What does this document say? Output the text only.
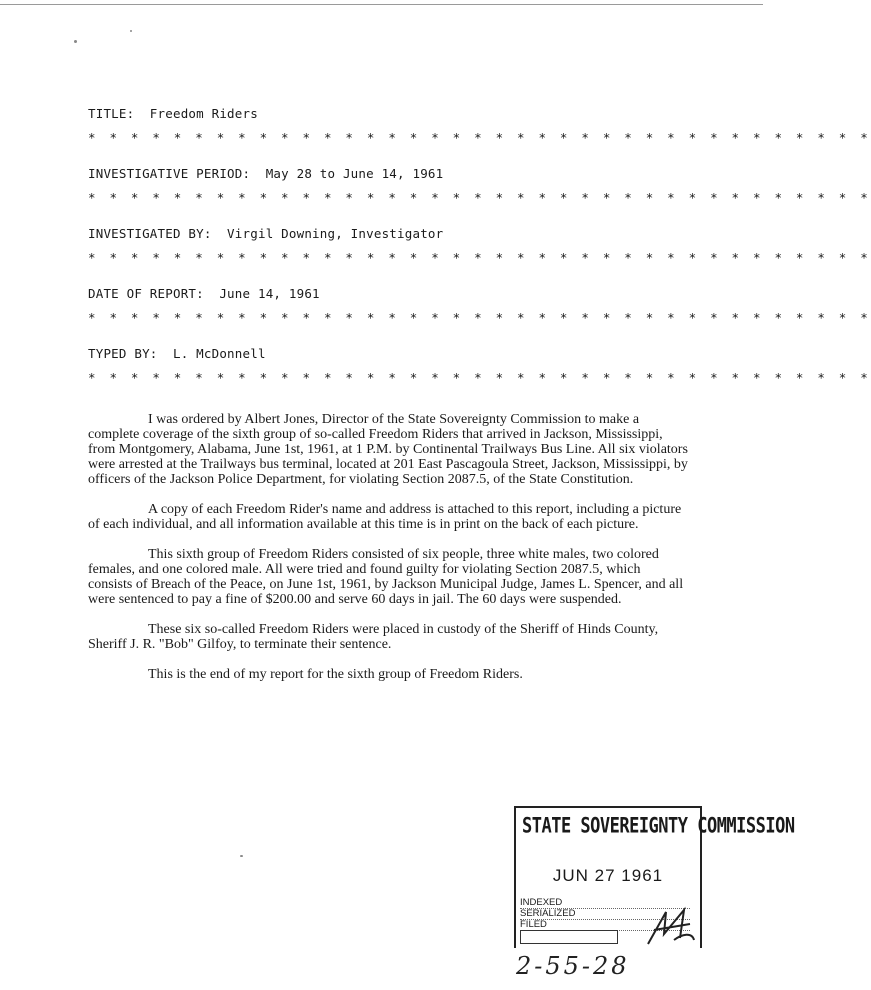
TITLE:  Freedom Riders
* * * * * * * * * * * * * * * * * * * * * * * * * * * * * * * * * * * * *
INVESTIGATIVE PERIOD:  May 28 to June 14, 1961
* * * * * * * * * * * * * * * * * * * * * * * * * * * * * * * * * * * * *
INVESTIGATED BY:  Virgil Downing, Investigator
* * * * * * * * * * * * * * * * * * * * * * * * * * * * * * * * * * * * *
DATE OF REPORT:  June 14, 1961
* * * * * * * * * * * * * * * * * * * * * * * * * * * * * * * * * * * * *
TYPED BY:  L. McDonnell
* * * * * * * * * * * * * * * * * * * * * * * * * * * * * * * * * * * * *

I was ordered by Albert Jones, Director of the State Sovereignty Commission to make a complete coverage of the sixth group of so-called Freedom Riders that arrived in Jackson, Mississippi, from Montgomery, Alabama, June 1st, 1961, at 1 P.M. by Continental Trailways Bus Line. All six violators were arrested at the Trailways bus terminal, located at 201 East Pascagoula Street, Jackson, Mississippi, by officers of the Jackson Police Department, for violating Section 2087.5, of the State Constitution.

A copy of each Freedom Rider's name and address is attached to this report, including a picture of each individual, and all information available at this time is in print on the back of each picture.

This sixth group of Freedom Riders consisted of six people, three white males, two colored females, and one colored male. All were tried and found guilty for violating Section 2087.5, which consists of Breach of the Peace, on June 1st, 1961, by Jackson Municipal Judge, James L. Spencer, and all were sentenced to pay a fine of $200.00 and serve 60 days in jail. The 60 days were suspended.

These six so-called Freedom Riders were placed in custody of the Sheriff of Hinds County, Sheriff J. R. "Bob" Gilfoy, to terminate their sentence.

This is the end of my report for the sixth group of Freedom Riders.

STATE SOVEREIGNTY COMMISSION
JUN 27 1961
INDEXED
SERIALIZED
FILED
2-55-28
